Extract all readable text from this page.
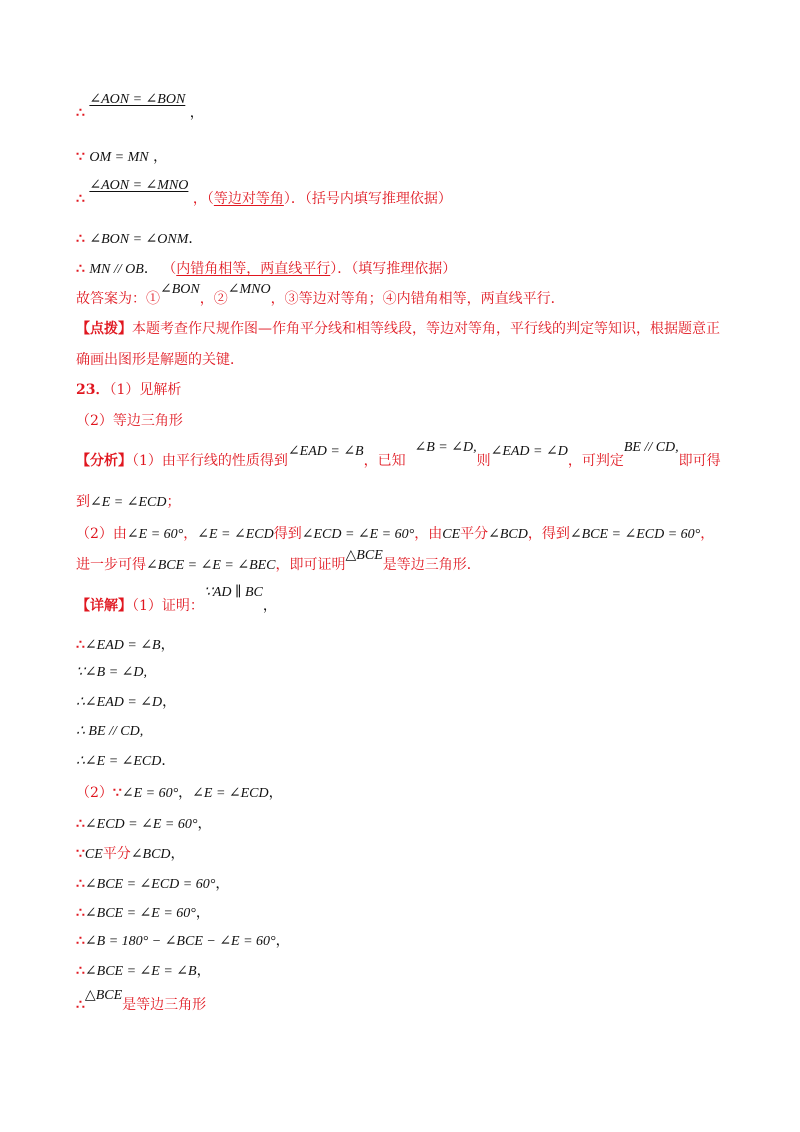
∴ ∠AON = ∠BON ，
∵ OM = MN ，
∴ ∠AON = ∠MNO ，（等边对等角）．（括号内填写推理依据）
∴ ∠BON = ∠ONM．
∴ MN // OB． （内错角相等，两直线平行）．（填写推理依据）
故答案为：①∠BON，②∠MNO，③等边对等角；④内错角相等，两直线平行．
【点拨】本题考查作尺规作图—作角平分线和相等线段，等边对等角，平行线的判定等知识，根据题意正
确画出图形是解题的关键．
23．（1）见解析
（2）等边三角形
【分析】（1）由平行线的性质得到∠EAD = ∠B，已知  ∠B = ∠D,则∠EAD = ∠D，可判定BE // CD,即可得
到∠E = ∠ECD；
（2）由∠E = 60°，∠E = ∠ECD得到∠ECD = ∠E = 60°，由CE平分∠BCD，得到∠BCE = ∠ECD = 60°，
进一步可得∠BCE = ∠E = ∠BEC，即可证明△BCE是等边三角形．
【详解】（1）证明：∵AD ∥ BC，
∴∠EAD = ∠B，
∵∠B = ∠D,
∴∠EAD = ∠D，
∴ BE // CD,
∴∠E = ∠ECD．
（2）∵∠E = 60°，∠E = ∠ECD，
∴∠ECD = ∠E = 60°，
∵CE平分∠BCD，
∴∠BCE = ∠ECD = 60°，
∴∠BCE = ∠E = 60°，
∴∠B = 180° − ∠BCE − ∠E = 60°，
∴∠BCE = ∠E = ∠B，
∴△BCE是等边三角形
